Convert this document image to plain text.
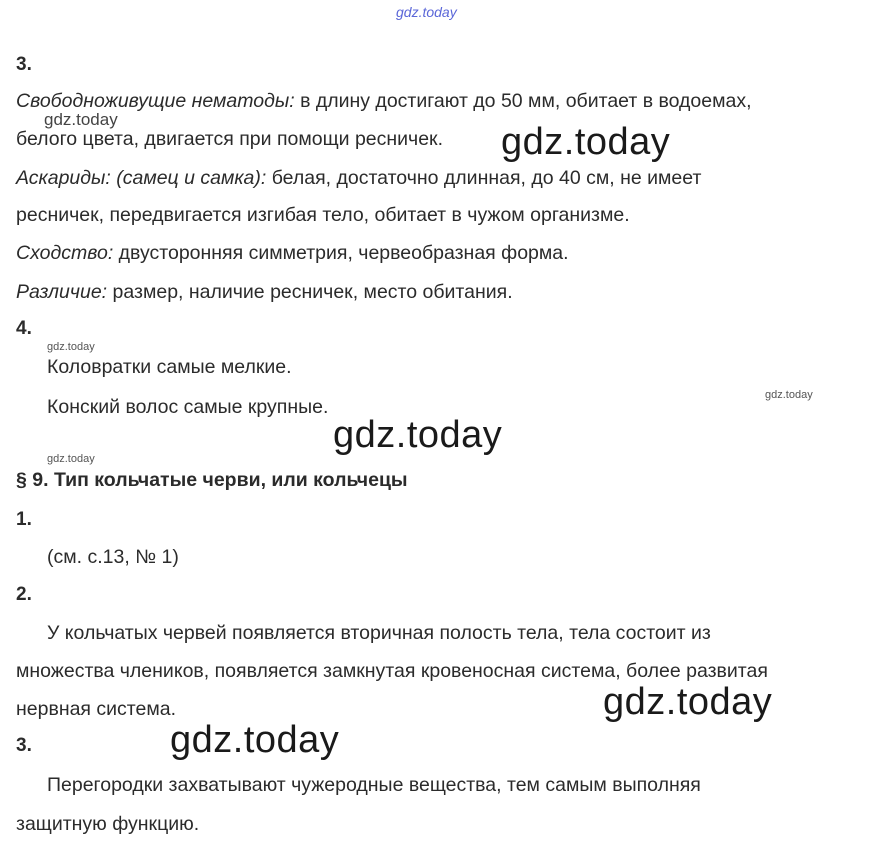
gdz.today
3.
Свободноживущие нематоды: в длину достигают до 50 мм, обитает в водоемах,
gdz.today
белого цвета, двигается при помощи ресничек. gdz.today
Аскариды: (самец и самка): белая, достаточно длинная, до 40 см, не имеет
ресничек, передвигается изгибая тело, обитает в чужом организме.
Сходство: двусторонняя симметрия, червеобразная форма.
Различие: размер, наличие ресничек, место обитания.
4.
gdz.today
Коловратки самые мелкие.
gdz.today
Конский волос самые крупные.
gdz.today
gdz.today
§ 9. Тип кольчатые черви, или кольчецы
1.
(см. с.13, № 1)
2.
У кольчатых червей появляется вторичная полость тела, тела состоит из
множества члеников, появляется замкнутая кровеносная система, более развитая
нервная система.	gdz.today
3.	gdz.today
Перегородки захватывают чужеродные вещества, тем самым выполняя
защитную функцию.
